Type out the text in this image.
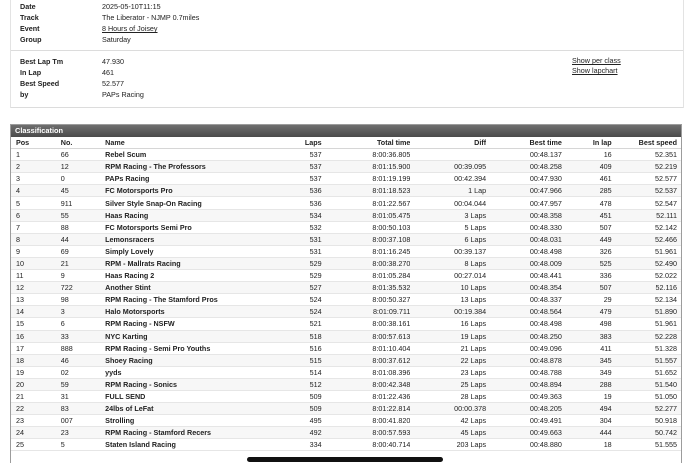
Date	2025-05-10T11:15
Track	The Liberator - NJMP 0.7miles
Event	8 Hours of Joisey
Group	Saturday
Best Lap Tm	47.930
In Lap	461
Best Speed	52.577
by	PAPs Racing
Show per class
Show lapchart
Classification
Pos	No.	Name	Laps	Total time	Diff	Best time	In lap	Best speed
1	66	Rebel Scum	537	8:00:36.805		00:48.137	16	52.351
2	12	RPM Racing - The Professors	537	8:01:15.900	00:39.095	00:48.258	409	52.219
3	0	PAPs Racing	537	8:01:19.199	00:42.394	00:47.930	461	52.577
4	45	FC Motorsports Pro	536	8:01:18.523	1 Lap	00:47.966	285	52.537
5	911	Silver Style Snap-On Racing	536	8:01:22.567	00:04.044	00:47.957	478	52.547
6	55	Haas Racing	534	8:01:05.475	3 Laps	00:48.358	451	52.111
7	88	FC Motorsports Semi Pro	532	8:00:50.103	5 Laps	00:48.330	507	52.142
8	44	Lemonsracers	531	8:00:37.108	6 Laps	00:48.031	449	52.466
9	69	Simply Lovely	531	8:01:16.245	00:39.137	00:48.498	326	51.961
10	21	RPM - Mallrats Racing	529	8:00:38.270	8 Laps	00:48.009	525	52.490
11	9	Haas Racing 2	529	8:01:05.284	00:27.014	00:48.441	336	52.022
12	722	Another Stint	527	8:01:35.532	10 Laps	00:48.354	507	52.116
13	98	RPM Racing - The Stamford Pros	524	8:00:50.327	13 Laps	00:48.337	29	52.134
14	3	Halo Motorsports	524	8:01:09.711	00:19.384	00:48.564	479	51.890
15	6	RPM Racing - NSFW	521	8:00:38.161	16 Laps	00:48.498	498	51.961
16	33	NYC Karting	518	8:00:57.613	19 Laps	00:48.250	383	52.228
17	888	RPM Racing - Semi Pro Youths	516	8:01:10.404	21 Laps	00:49.096	411	51.328
18	46	Shoey Racing	515	8:00:37.612	22 Laps	00:48.878	345	51.557
19	02	yyds	514	8:01:08.396	23 Laps	00:48.788	349	51.652
20	59	RPM Racing - Sonics	512	8:00:42.348	25 Laps	00:48.894	288	51.540
21	31	FULL SEND	509	8:01:22.436	28 Laps	00:49.363	19	51.050
22	83	24lbs of LeFat	509	8:01:22.814	00:00.378	00:48.205	494	52.277
23	007	Strolling	495	8:00:41.820	42 Laps	00:49.491	304	50.918
24	23	RPM Racing - Stamford Recers	492	8:00:57.593	45 Laps	00:49.663	444	50.742
25	5	Staten Island Racing	334	8:00:40.714	203 Laps	00:48.880	18	51.555
